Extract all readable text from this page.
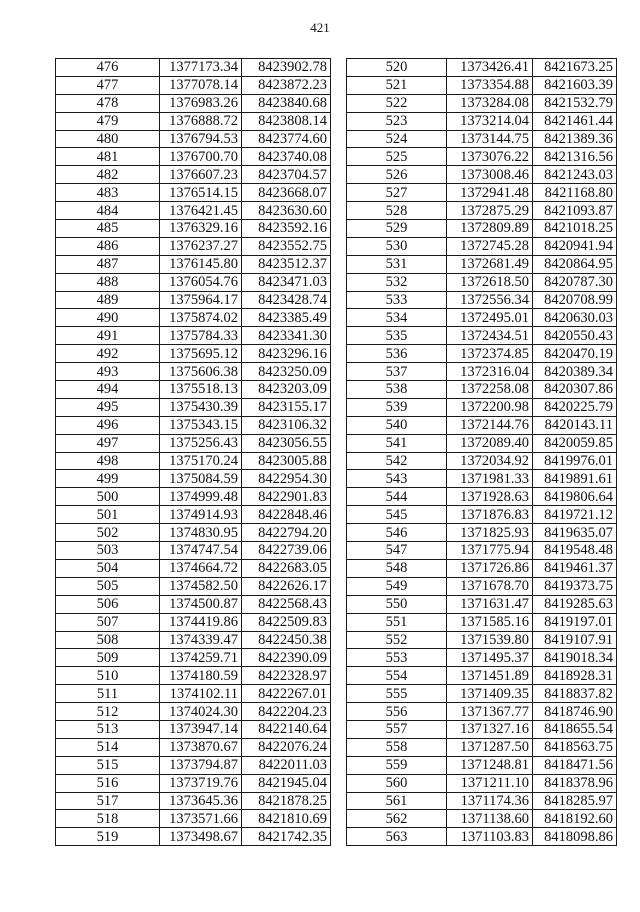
421
476	1377173.34	8423902.78
477	1377078.14	8423872.23
478	1376983.26	8423840.68
479	1376888.72	8423808.14
480	1376794.53	8423774.60
481	1376700.70	8423740.08
482	1376607.23	8423704.57
483	1376514.15	8423668.07
484	1376421.45	8423630.60
485	1376329.16	8423592.16
486	1376237.27	8423552.75
487	1376145.80	8423512.37
488	1376054.76	8423471.03
489	1375964.17	8423428.74
490	1375874.02	8423385.49
491	1375784.33	8423341.30
492	1375695.12	8423296.16
493	1375606.38	8423250.09
494	1375518.13	8423203.09
495	1375430.39	8423155.17
496	1375343.15	8423106.32
497	1375256.43	8423056.55
498	1375170.24	8423005.88
499	1375084.59	8422954.30
500	1374999.48	8422901.83
501	1374914.93	8422848.46
502	1374830.95	8422794.20
503	1374747.54	8422739.06
504	1374664.72	8422683.05
505	1374582.50	8422626.17
506	1374500.87	8422568.43
507	1374419.86	8422509.83
508	1374339.47	8422450.38
509	1374259.71	8422390.09
510	1374180.59	8422328.97
511	1374102.11	8422267.01
512	1374024.30	8422204.23
513	1373947.14	8422140.64
514	1373870.67	8422076.24
515	1373794.87	8422011.03
516	1373719.76	8421945.04
517	1373645.36	8421878.25
518	1373571.66	8421810.69
519	1373498.67	8421742.35
520	1373426.41	8421673.25
521	1373354.88	8421603.39
522	1373284.08	8421532.79
523	1373214.04	8421461.44
524	1373144.75	8421389.36
525	1373076.22	8421316.56
526	1373008.46	8421243.03
527	1372941.48	8421168.80
528	1372875.29	8421093.87
529	1372809.89	8421018.25
530	1372745.28	8420941.94
531	1372681.49	8420864.95
532	1372618.50	8420787.30
533	1372556.34	8420708.99
534	1372495.01	8420630.03
535	1372434.51	8420550.43
536	1372374.85	8420470.19
537	1372316.04	8420389.34
538	1372258.08	8420307.86
539	1372200.98	8420225.79
540	1372144.76	8420143.11
541	1372089.40	8420059.85
542	1372034.92	8419976.01
543	1371981.33	8419891.61
544	1371928.63	8419806.64
545	1371876.83	8419721.12
546	1371825.93	8419635.07
547	1371775.94	8419548.48
548	1371726.86	8419461.37
549	1371678.70	8419373.75
550	1371631.47	8419285.63
551	1371585.16	8419197.01
552	1371539.80	8419107.91
553	1371495.37	8419018.34
554	1371451.89	8418928.31
555	1371409.35	8418837.82
556	1371367.77	8418746.90
557	1371327.16	8418655.54
558	1371287.50	8418563.75
559	1371248.81	8418471.56
560	1371211.10	8418378.96
561	1371174.36	8418285.97
562	1371138.60	8418192.60
563	1371103.83	8418098.86
